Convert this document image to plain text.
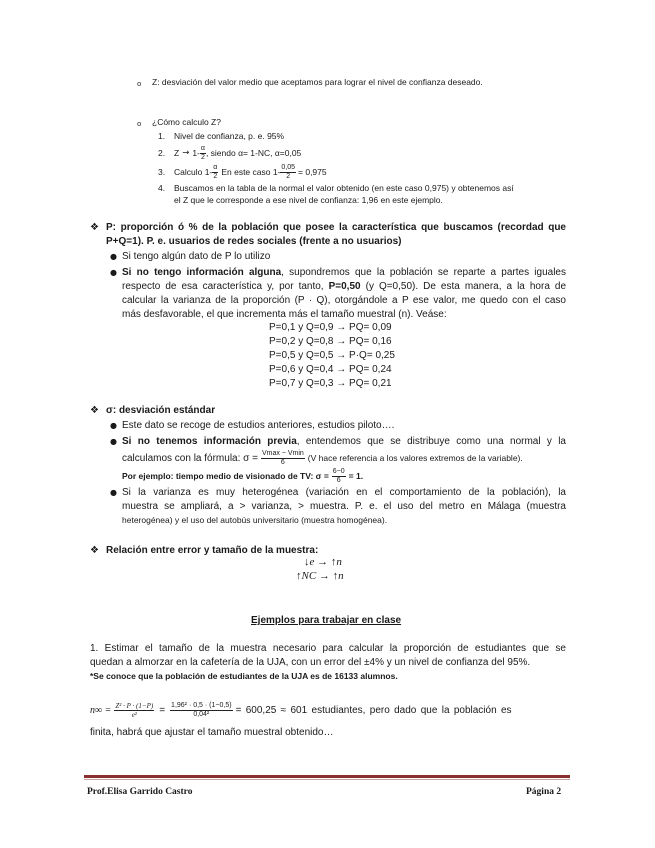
o Z: desviación del valor medio que aceptamos para lograr el nivel de confianza deseado.
o ¿Cómo calculo Z?
1. Nivel de confianza, p. e. 95%
2. $Z \to 1- \frac{\alpha}{2}$ , siendo α= 1-NC, α=0,05
3. Calculo $1- \frac{\alpha}{2}$ En este caso $1- \frac{0,05}{2} = 0,975$
4. Buscamos en la tabla de la normal el valor obtenido (en este caso 0,975) y obtenemos así
el Z que le corresponde a ese nivel de confianza: 1,96 en este ejemplo.
❖ P: proporción ó % de la población que posee la característica que buscamos (recordad que
P+Q=1). P. e. usuarios de redes sociales (frente a no usuarios)
● Si tengo algún dato de P lo utilizo
● Si no tengo información alguna, supondremos que la población se reparte a partes iguales
respecto de esa característica y, por tanto, P=0,50 (y Q=0,50). De esta manera, a la hora de
calcular la varianza de la proporción (P · Q), otorgándole a P ese valor, me quedo con el caso
más desfavorable, el que incrementa más el tamaño muestral (n). Veáse:
P=0,1 y Q=0,9 → PQ= 0,09
P=0,2 y Q=0,8 → PQ= 0,16
P=0,5 y Q=0,5 → P·Q= 0,25
P=0,6 y Q=0,4 → PQ= 0,24
P=0,7 y Q=0,3 → PQ= 0,21
❖ σ: desviación estándar
● Este dato se recoge de estudios anteriores, estudios piloto….
● Si no tenemos información previa, entendemos que se distribuye como una normal y la
calculamos con la fórmula: $\sigma = \frac{Vmax - Vmin}{6} (V$ hace referencia a los valores extremos de la variable).
Por ejemplo: tiempo medio de visionado de TV: $\sigma = \frac{6-0}{6} = 1$.
● Si la varianza es muy heterogénea (variación en el comportamiento de la población), la
muestra se ampliará, a > varianza, > muestra. P. e. el uso del metro en Málaga (muestra
heterogénea) y el uso del autobús universitario (muestra homogénea).
❖ Relación entre error y tamaño de la muestra:
↓e → ↑n
↑NC → ↑n
Ejemplos para trabajar en clase
1. Estimar el tamaño de la muestra necesario para calcular la proporción de estudiantes que se
quedan a almorzar en la cafetería de la UJA, con un error del ±4% y un nivel de confianza del 95%.
*Se conoce que la población de estudiantes de la UJA es de 16133 alumnos.
$n\infty = \frac{\text{Z² · P · (1−P)}}{\text{e²}} = \frac{\text{1,96² · 0,5 · (1−0,5)}}{\text{0,04²}} = 600,25 \approx 601$ estudiantes, pero dado que la población es
finita, habrá que ajustar el tamaño muestral obtenido…
Prof.Elisa Garrido Castro	Página 2
